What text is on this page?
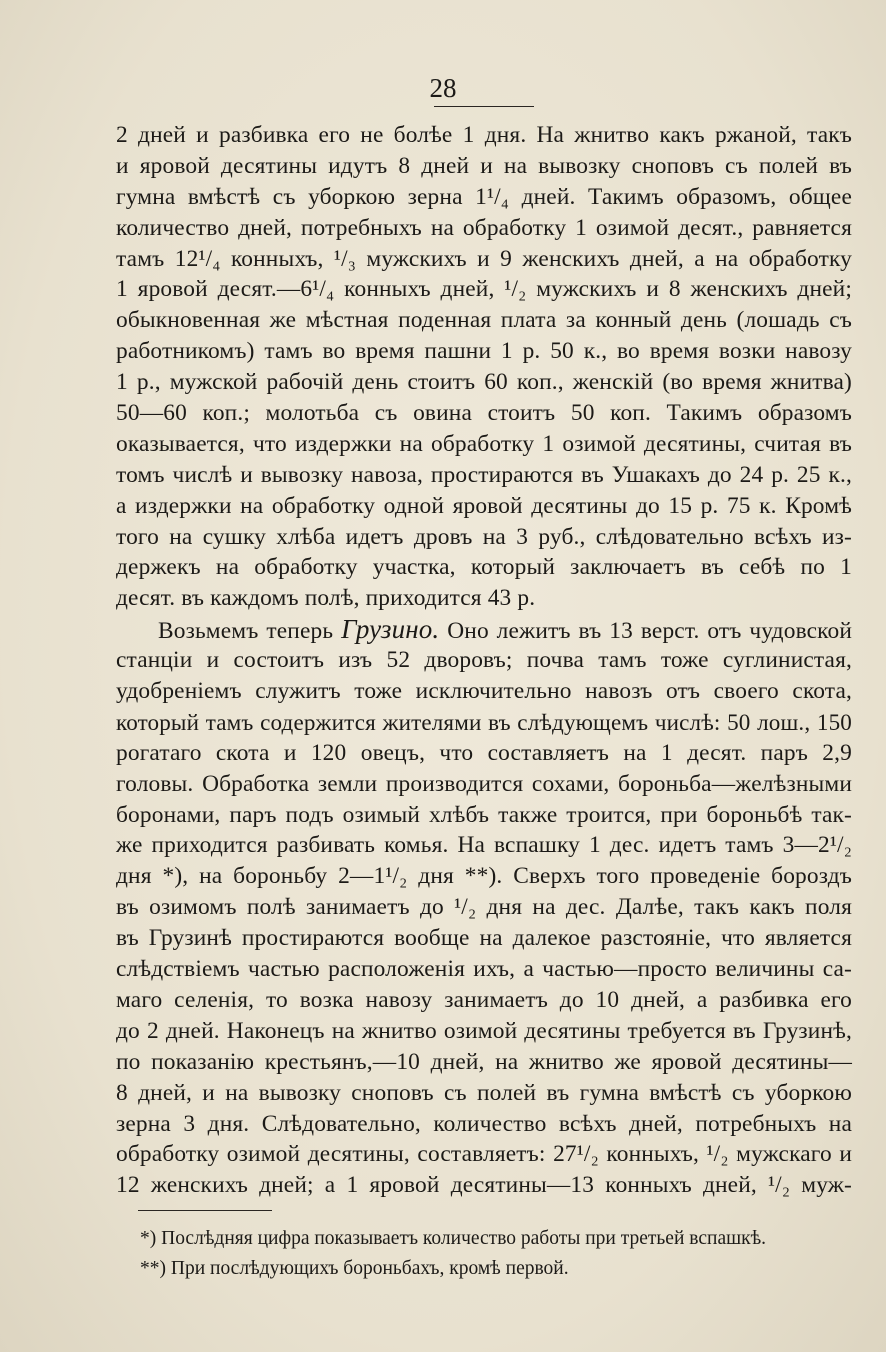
28
2 дней и разбивка его не болѣе 1 дня. На жнитво какъ ржаной, такъ
и яровой десятины идутъ 8 дней и на вывозку снопов​ъ съ полей въ
гумна вмѣстѣ съ уборкою зерна 1¹/₄ дней. Такимъ образомъ, общее
количество дней, потребныхъ на обработку 1 озимой десят., равняется
тамъ 12¹/₄ конныхъ, ¹/₃ мужскихъ и 9 женскихъ дней, а на обработку
1 яровой десят.—6¹/₄ конныхъ дней, ¹/₂ мужскихъ и 8 женскихъ дней;
обыкновенная же мѣстная поденная плата за конный день (лошадь съ
работникомъ) тамъ во время пашни 1 р. 50 к., во время возки навозу
1 р., мужской рабочій день стоитъ 60 коп., женскій (во время жнитва)
50—60 коп.; молотьба съ овина стоитъ 50 коп. Такимъ образомъ
оказывается, что издержки на обработку 1 озимой десятины, считая въ
томъ числѣ и вывозку навоза, простираются въ Ушакахъ до 24 р. 25 к.,
а издержки на обработку одной яровой десятины до 15 р. 75 к. Кромѣ
того на сушку хлѣба идетъ дровъ на 3 руб., слѣдовательно всѣхъ из-
держекъ на обработку участка, который заключаетъ въ себѣ по 1
десят. въ каждомъ полѣ, приходится 43 р.
Возьмемъ теперь Грузино. Оно лежитъ въ 13 верст. отъ чудовской
станціи и состоитъ изъ 52 дворовъ; почва тамъ тоже суглинистая,
удобреніемъ служитъ тоже исключительно навозъ отъ своего скота,
который тамъ содержится жителями въ слѣдующемъ числѣ: 50 лош., 150
рогатаго скота и 120 овецъ, что составляетъ на 1 десят. паръ 2,9
головы. Обработка земли производится сохами, бороньба—желѣзными
боронами, паръ подъ озимый хлѣбъ также троится, при бороньбѣ так-
же приходится разбивать комья. На вспашку 1 дес. идетъ тамъ 3—2¹/₂
дня *), на бороньбу 2—1¹/₂ дня **). Сверхъ того проведеніе бороздъ
въ озимомъ полѣ занимаетъ до ¹/₂ дня на дес. Далѣе, такъ какъ поля
въ Грузинѣ простираются вообще на далекое разстояніе, что является
слѣдствіемъ частью расположенія ихъ, а частью—просто величины са-
маго селенія, то возка навозу занимаетъ до 10 дней, а разбивка его
до 2 дней. Наконецъ на жнитво озимой десятины требуется въ Грузинѣ,
по показанію крестьянъ,—10 дней, на жнитво же яровой десятины—
8 дней, и на вывозку сноповъ съ полей въ гумна вмѣстѣ съ уборкою
зерна 3 дня. Слѣдовательно, количество всѣхъ дней, потребныхъ на
обработку озимой десятины, составляетъ: 27¹/₂ конныхъ, ¹/₂ мужскаго и
12 женскихъ дней; а 1 яровой десятины—13 конныхъ дней, ¹/₂ муж-
*) Послѣдняя цифра показываетъ количество работы при третьей вспашкѣ.
**) При послѣдующихъ бороньбахъ, кромѣ первой.
